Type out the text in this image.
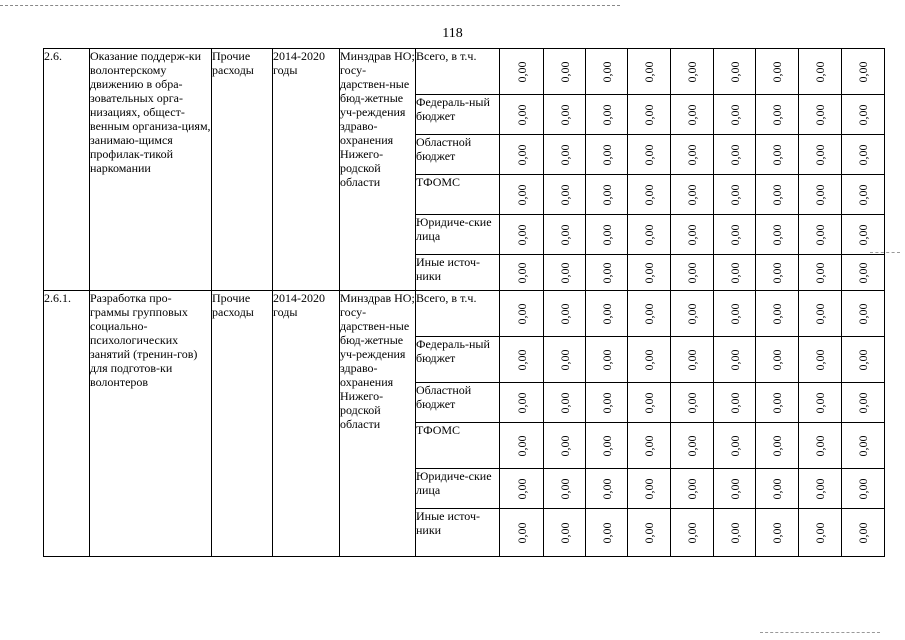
118
2.6.	Оказание поддерж-ки волонтерскому движению в обра-зовательных орга-низациях, общест-венным организа-циям, занимаю-щимся профилак-тикой наркомании	Прочие расходы	2014-2020 годы	Минздрав НО; госу-дарствен-ные бюд-жетные уч-реждения здраво-охранения Нижего-родской области	Всего, в т.ч.	0,00	0,00	0,00	0,00	0,00	0,00	0,00	0,00	0,00

					Федераль-ный бюджет	0,00	0,00	0,00	0,00	0,00	0,00	0,00	0,00	0,00

					Областной бюджет	0,00	0,00	0,00	0,00	0,00	0,00	0,00	0,00	0,00

					ТФОМС	0,00	0,00	0,00	0,00	0,00	0,00	0,00	0,00	0,00

					Юридиче-ские лица	0,00	0,00	0,00	0,00	0,00	0,00	0,00	0,00	0,00

					Иные источ-ники	0,00	0,00	0,00	0,00	0,00	0,00	0,00	0,00	0,00

2.6.1.	Разработка про-граммы групповых социально-психологических занятий (тренин-гов) для подготов-ки волонтеров	Прочие расходы	2014-2020 годы	Минздрав НО; госу-дарствен-ные бюд-жетные уч-реждения здраво-охранения Нижего-родской области	Всего, в т.ч.	0,00	0,00	0,00	0,00	0,00	0,00	0,00	0,00	0,00

					Федераль-ный бюджет	0,00	0,00	0,00	0,00	0,00	0,00	0,00	0,00	0,00

					Областной бюджет	0,00	0,00	0,00	0,00	0,00	0,00	0,00	0,00	0,00

					ТФОМС	0,00	0,00	0,00	0,00	0,00	0,00	0,00	0,00	0,00

					Юридиче-ские лица	0,00	0,00	0,00	0,00	0,00	0,00	0,00	0,00	0,00

					Иные источ-ники	0,00	0,00	0,00	0,00	0,00	0,00	0,00	0,00	0,00
